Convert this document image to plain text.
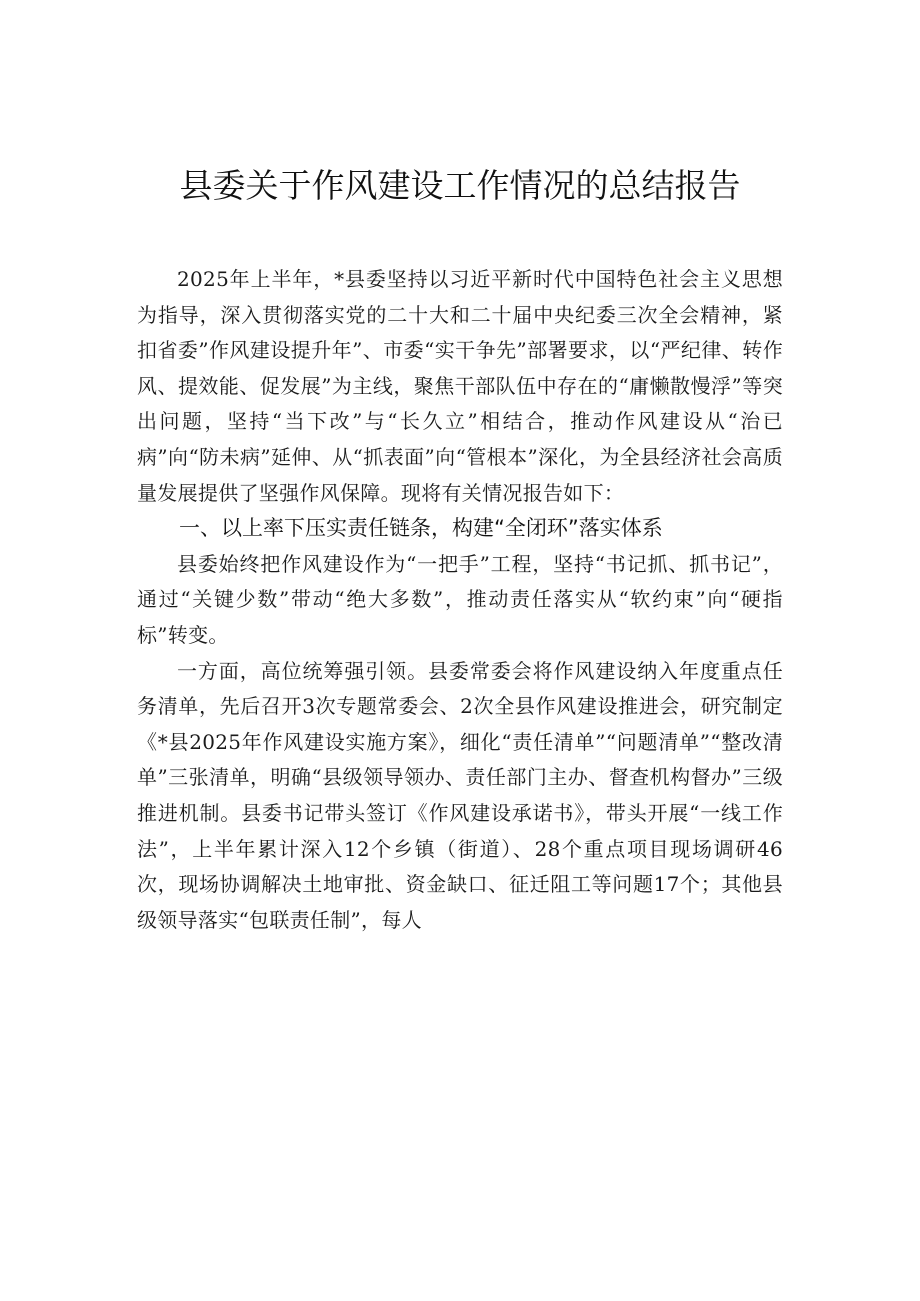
县委关于作风建设工作情况的总结报告

2025年上半年，*县委坚持以习近平新时代中国特色社会主义思想为指导，深入贯彻落实党的二十大和二十届中央纪委三次全会精神，紧扣省委”作风建设提升年”、市委“实干争先”部署要求，以“严纪律、转作风、提效能、促发展”为主线，聚焦干部队伍中存在的“庸懒散慢浮”等突出问题，坚持“当下改”与“长久立”相结合，推动作风建设从“治已病”向“防未病”延伸、从“抓表面”向“管根本”深化，为全县经济社会高质量发展提供了坚强作风保障。现将有关情况报告如下：

一、以上率下压实责任链条，构建“全闭环”落实体系

县委始终把作风建设作为“一把手”工程，坚持“书记抓、抓书记”，通过“关键少数”带动“绝大多数”，推动责任落实从“软约束”向“硬指标”转变。

一方面，高位统筹强引领。县委常委会将作风建设纳入年度重点任务清单，先后召开3次专题常委会、2次全县作风建设推进会，研究制定《*县2025年作风建设实施方案》，细化“责任清单”“问题清单”“整改清单”三张清单，明确“县级领导领办、责任部门主办、督查机构督办”三级推进机制。县委书记带头签订《作风建设承诺书》，带头开展“一线工作法”，上半年累计深入12个乡镇（街道）、28个重点项目现场调研46次，现场协调解决土地审批、资金缺口、征迁阻工等问题17个；其他县级领导落实“包联责任制”，每人
